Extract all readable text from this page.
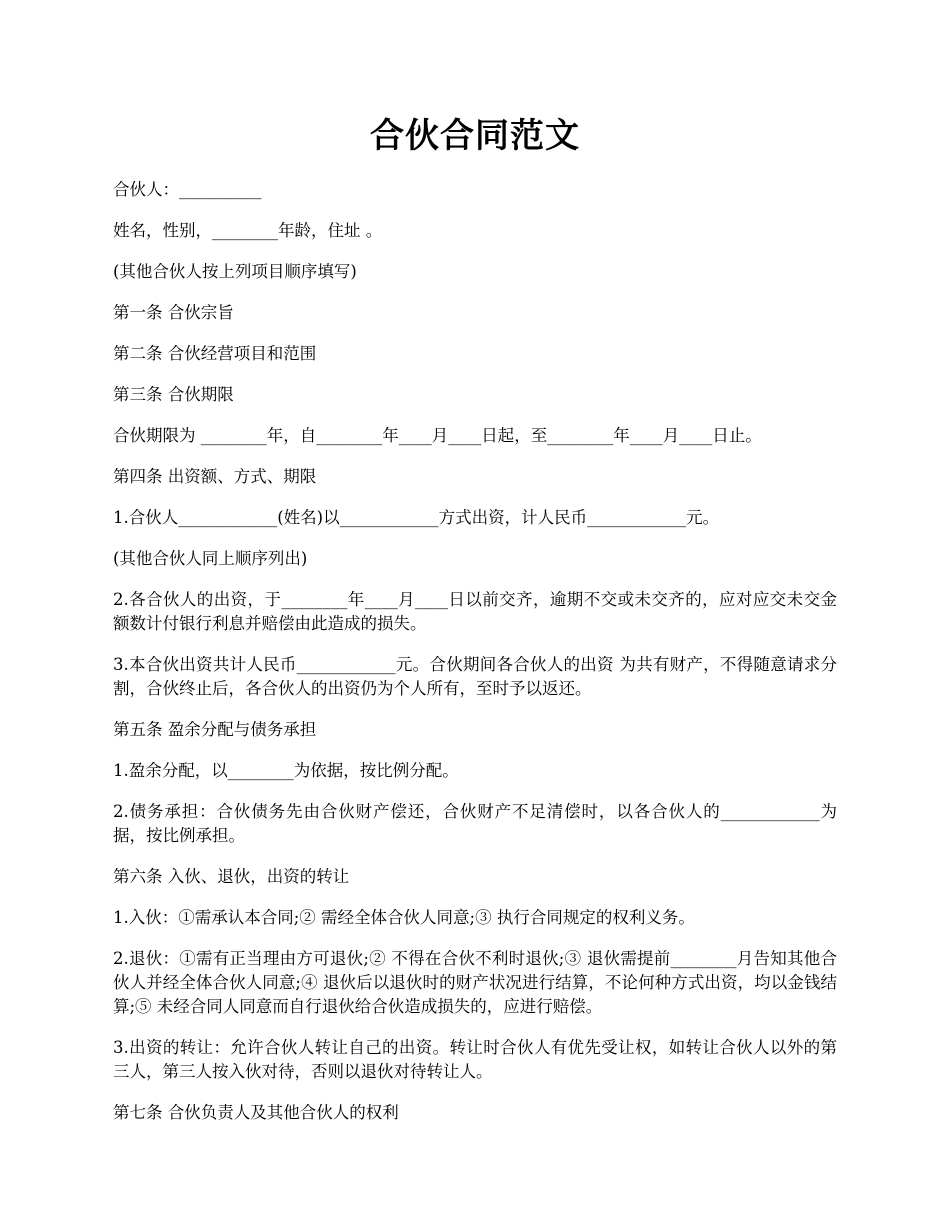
合伙合同范文

合伙人：__________

姓名，性别，________年龄，住址 。

(其他合伙人按上列项目顺序填写)

第一条 合伙宗旨

第二条 合伙经营项目和范围

第三条 合伙期限

合伙期限为 ________年，自________年____月____日起，至________年____月____日止。

第四条 出资额、方式、期限

1.合伙人____________(姓名)以____________方式出资，计人民币____________元。

(其他合伙人同上顺序列出)

2.各合伙人的出资，于________年____月____日以前交齐，逾期不交或未交齐的，应对应交未交金额数计付银行利息并赔偿由此造成的损失。

3.本合伙出资共计人民币____________元。合伙期间各合伙人的出资 为共有财产，不得随意请求分割，合伙终止后，各合伙人的出资仍为个人所有，至时予以返还。

第五条 盈余分配与债务承担

1.盈余分配，以________为依据，按比例分配。

2.债务承担：合伙债务先由合伙财产偿还，合伙财产不足清偿时，以各合伙人的____________为据，按比例承担。

第六条 入伙、退伙，出资的转让

1.入伙：①需承认本合同;② 需经全体合伙人同意;③ 执行合同规定的权利义务。

2.退伙：①需有正当理由方可退伙;② 不得在合伙不利时退伙;③ 退伙需提前________月告知其他合伙人并经全体合伙人同意;④ 退伙后以退伙时的财产状况进行结算，不论何种方式出资，均以金钱结算;⑤ 未经合同人同意而自行退伙给合伙造成损失的，应进行赔偿。

3.出资的转让：允许合伙人转让自己的出资。转让时合伙人有优先受让权，如转让合伙人以外的第三人，第三人按入伙对待，否则以退伙对待转让人。

第七条 合伙负责人及其他合伙人的权利
